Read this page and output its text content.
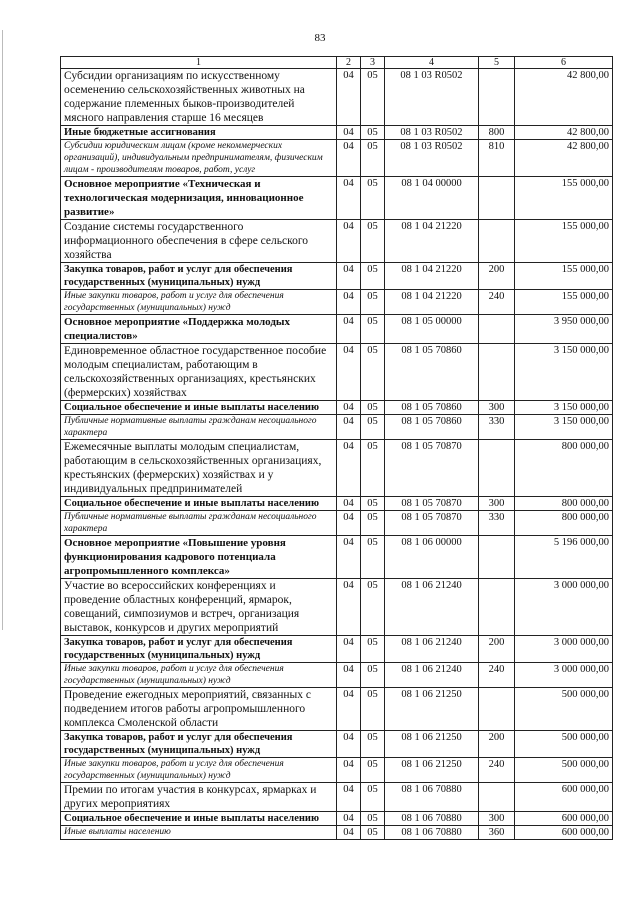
83
1	2	3	4	5	6
Субсидии организациям по искусственному осеменению сельскохозяйственных животных на содержание племенных быков-производителей мясного направления старше 16 месяцев	04	05	08 1 03 R0502		42 800,00
Иные бюджетные ассигнования	04	05	08 1 03 R0502	800	42 800,00
Субсидии юридическим лицам (кроме некоммерческих организаций), индивидуальным предпринимателям, физическим лицам - производителям товаров, работ, услуг	04	05	08 1 03 R0502	810	42 800,00
Основное мероприятие «Техническая и технологическая модернизация, инновационное развитие»	04	05	08 1 04 00000		155 000,00
Создание системы государственного информационного обеспечения в сфере сельского хозяйства	04	05	08 1 04 21220		155 000,00
Закупка товаров, работ и услуг для обеспечения государственных (муниципальных) нужд	04	05	08 1 04 21220	200	155 000,00
Иные закупки товаров, работ и услуг для обеспечения государственных (муниципальных) нужд	04	05	08 1 04 21220	240	155 000,00
Основное мероприятие «Поддержка молодых специалистов»	04	05	08 1 05 00000		3 950 000,00
Единовременное областное государственное пособие молодым специалистам, работающим в сельскохозяйственных организациях, крестьянских (фермерских) хозяйствах	04	05	08 1 05 70860		3 150 000,00
Социальное обеспечение и иные выплаты населению	04	05	08 1 05 70860	300	3 150 000,00
Публичные нормативные выплаты гражданам несоциального характера	04	05	08 1 05 70860	330	3 150 000,00
Ежемесячные выплаты молодым специалистам, работающим в сельскохозяйственных организациях, крестьянских (фермерских) хозяйствах и у индивидуальных предпринимателей	04	05	08 1 05 70870		800 000,00
Социальное обеспечение и иные выплаты населению	04	05	08 1 05 70870	300	800 000,00
Публичные нормативные выплаты гражданам несоциального характера	04	05	08 1 05 70870	330	800 000,00
Основное мероприятие «Повышение уровня функционирования кадрового потенциала агропромышленного комплекса»	04	05	08 1 06 00000		5 196 000,00
Участие во всероссийских конференциях и проведение областных конференций, ярмарок, совещаний, симпозиумов и встреч, организация выставок, конкурсов и других мероприятий	04	05	08 1 06 21240		3 000 000,00
Закупка товаров, работ и услуг для обеспечения государственных (муниципальных) нужд	04	05	08 1 06 21240	200	3 000 000,00
Иные закупки товаров, работ и услуг для обеспечения государственных (муниципальных) нужд	04	05	08 1 06 21240	240	3 000 000,00
Проведение ежегодных мероприятий, связанных с подведением итогов работы агропромышленного комплекса Смоленской области	04	05	08 1 06 21250		500 000,00
Закупка товаров, работ и услуг для обеспечения государственных (муниципальных) нужд	04	05	08 1 06 21250	200	500 000,00
Иные закупки товаров, работ и услуг для обеспечения государственных (муниципальных) нужд	04	05	08 1 06 21250	240	500 000,00
Премии по итогам участия в конкурсах, ярмарках и других мероприятиях	04	05	08 1 06 70880		600 000,00
Социальное обеспечение и иные выплаты населению	04	05	08 1 06 70880	300	600 000,00
Иные выплаты населению	04	05	08 1 06 70880	360	600 000,00
